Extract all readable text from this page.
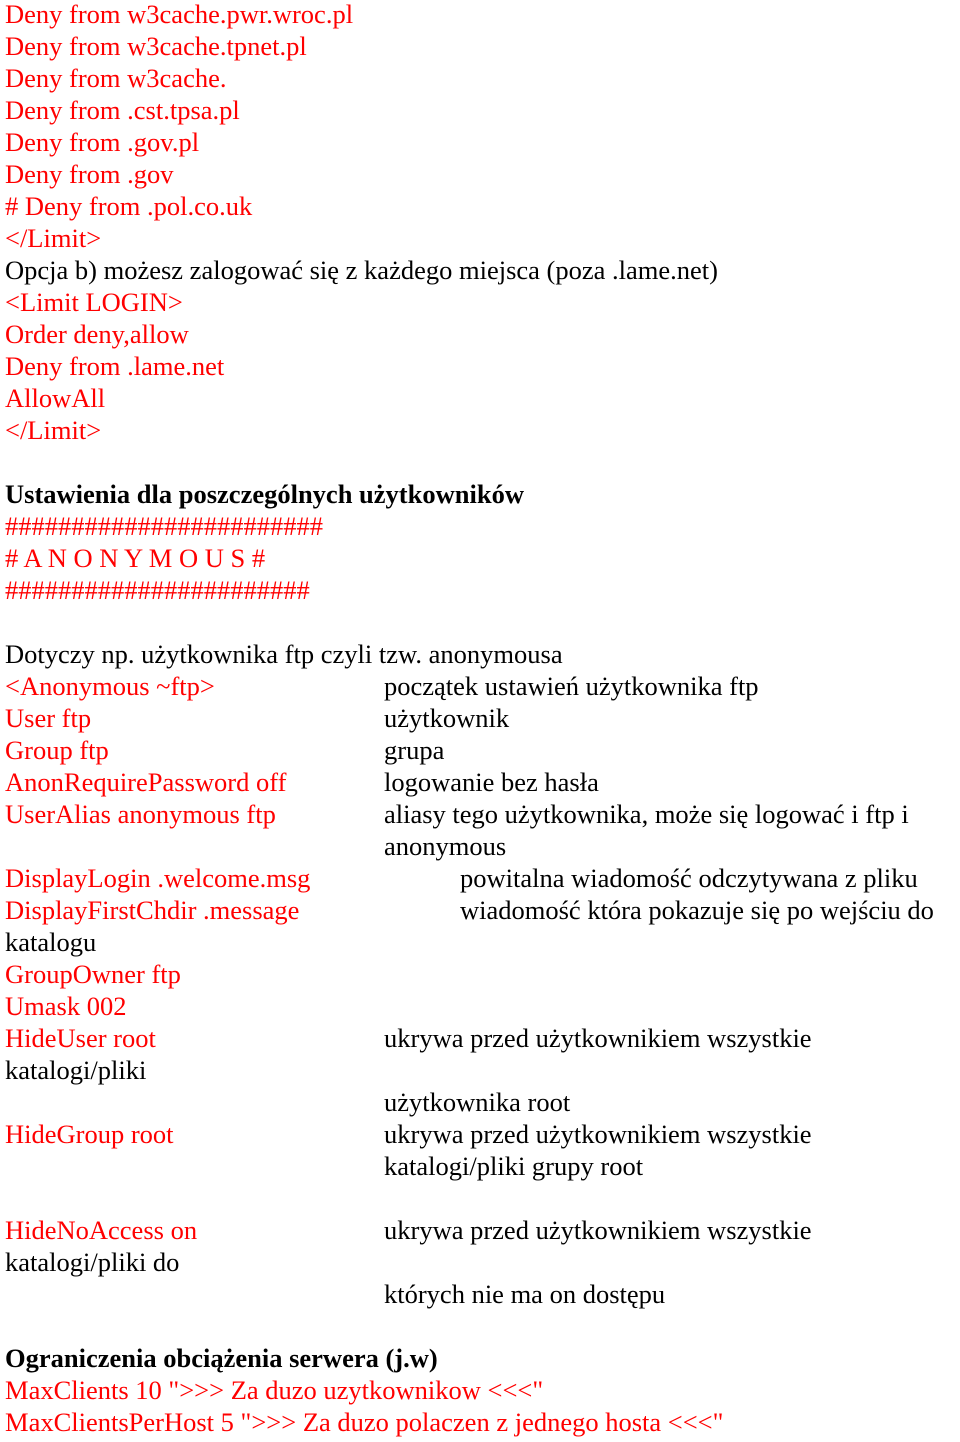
Deny from w3cache.pwr.wroc.pl
Deny from w3cache.tpnet.pl
Deny from w3cache.
Deny from .cst.tpsa.pl
Deny from .gov.pl
Deny from .gov
# Deny from .pol.co.uk
</Limit>
Opcja b) możesz zalogować się z każdego miejsca (poza .lame.net)
<Limit LOGIN>
Order deny,allow
Deny from .lame.net
AllowAll
</Limit>
Ustawienia dla poszczególnych użytkowników
########################
# A N O N Y M O U S #
#######################
Dotyczy np. użytkownika ftp czyli tzw. anonymousa
<Anonymous ~ftp>	początek ustawień użytkownika ftp
User ftp	użytkownik
Group ftp	grupa
AnonRequirePassword off	logowanie bez hasła
UserAlias anonymous ftp	aliasy tego użytkownika, może się logować i ftp i
anonymous
DisplayLogin .welcome.msg	powitalna wiadomość odczytywana z pliku
DisplayFirstChdir .message	wiadomość która pokazuje się po wejściu do
katalogu
GroupOwner ftp
Umask 002
HideUser root	ukrywa przed użytkownikiem wszystkie
katalogi/pliki
użytkownika root
HideGroup root	ukrywa przed użytkownikiem wszystkie
katalogi/pliki grupy root
HideNoAccess on	ukrywa przed użytkownikiem wszystkie
katalogi/pliki do
których nie ma on dostępu
Ograniczenia obciążenia serwera (j.w)
MaxClients 10 ">>> Za duzo uzytkownikow <<<"
MaxClientsPerHost 5 ">>> Za duzo polaczen z jednego hosta <<<"
